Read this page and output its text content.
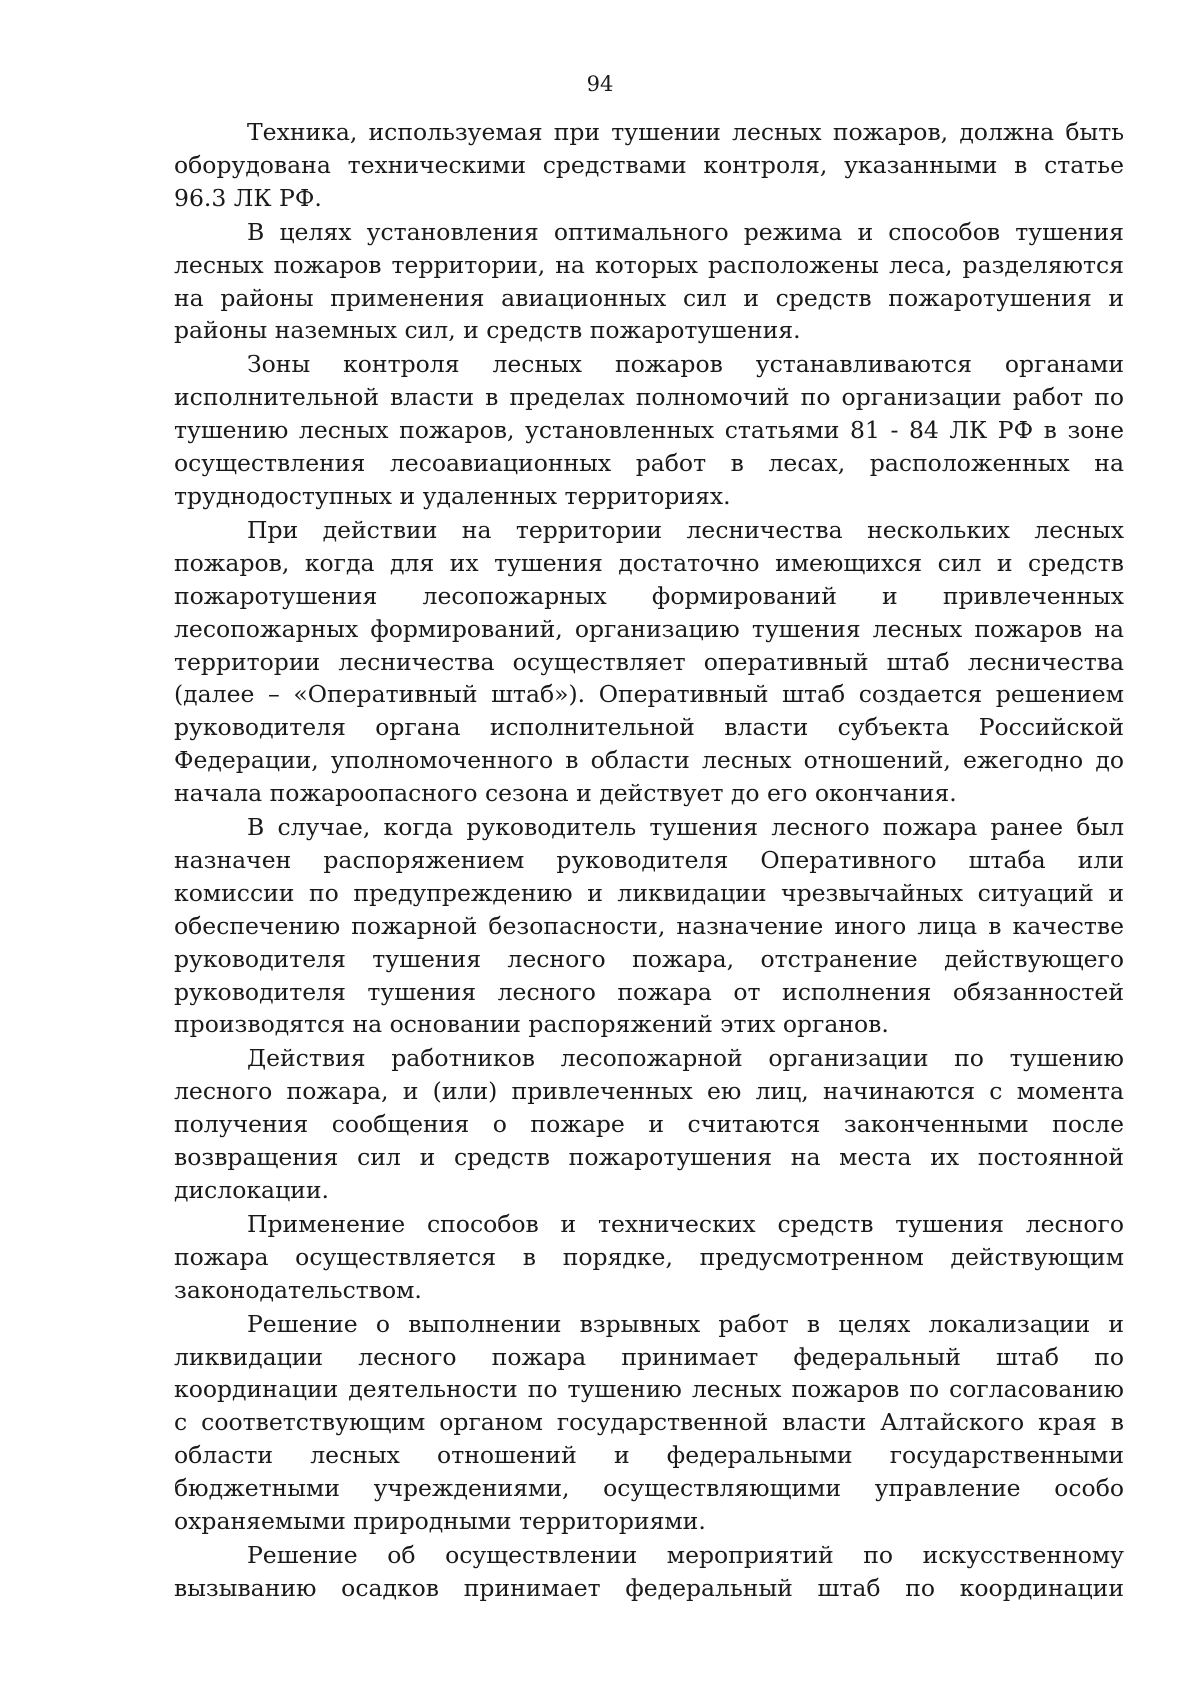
94

Техника, используемая при тушении лесных пожаров, должна быть оборудована техническими средствами контроля, указанными в статье 96.3 ЛК РФ.

В целях установления оптимального режима и способов тушения лесных пожаров территории, на которых расположены леса, разделяются на районы применения авиационных сил и средств пожаротушения и районы наземных сил, и средств пожаротушения.

Зоны контроля лесных пожаров устанавливаются органами исполнительной власти в пределах полномочий по организации работ по тушению лесных пожаров, установленных статьями 81 - 84 ЛК РФ в зоне осуществления лесоавиационных работ в лесах, расположенных на труднодоступных и удаленных территориях.

При действии на территории лесничества нескольких лесных пожаров, когда для их тушения достаточно имеющихся сил и средств пожаротушения лесопожарных формирований и привлеченных лесопожарных формирований, организацию тушения лесных пожаров на территории лесничества осуществляет оперативный штаб лесничества (далее – «Оперативный штаб»). Оперативный штаб создается решением руководителя органа исполнительной власти субъекта Российской Федерации, уполномоченного в области лесных отношений, ежегодно до начала пожароопасного сезона и действует до его окончания.

В случае, когда руководитель тушения лесного пожара ранее был назначен распоряжением руководителя Оперативного штаба или комиссии по предупреждению и ликвидации чрезвычайных ситуаций и обеспечению пожарной безопасности, назначение иного лица в качестве руководителя тушения лесного пожара, отстранение действующего руководителя тушения лесного пожара от исполнения обязанностей производятся на основании распоряжений этих органов.

Действия работников лесопожарной организации по тушению лесного пожара, и (или) привлеченных ею лиц, начинаются с момента получения сообщения о пожаре и считаются законченными после возвращения сил и средств пожаротушения на места их постоянной дислокации.

Применение способов и технических средств тушения лесного пожара осуществляется в порядке, предусмотренном действующим законодательством.

Решение о выполнении взрывных работ в целях локализации и ликвидации лесного пожара принимает федеральный штаб по координации деятельности по тушению лесных пожаров по согласованию с соответствующим органом государственной власти Алтайского края в области лесных отношений и федеральными государственными бюджетными учреждениями, осуществляющими управление особо охраняемыми природными территориями.

Решение об осуществлении мероприятий по искусственному вызыванию осадков принимает федеральный штаб по координации
